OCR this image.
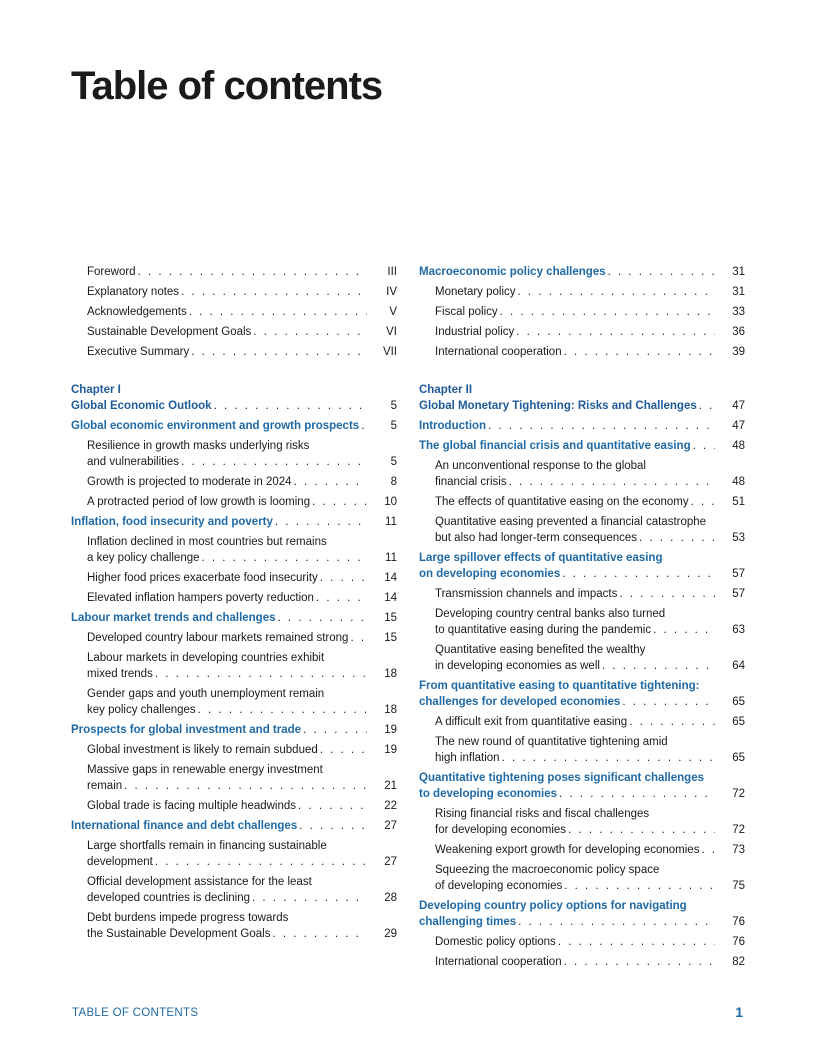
Table of contents
Foreword . . .	III
Explanatory notes . . .	IV
Acknowledgements . . .	V
Sustainable Development Goals . . .	VI
Executive Summary . . .	VII
Chapter I
Global Economic Outlook . . .	5
Global economic environment and growth prospects . . .	5
Resilience in growth masks underlying risks
and vulnerabilities . . .	5
Growth is projected to moderate in 2024 . . .	8
A protracted period of low growth is looming . . .	10
Inflation, food insecurity and poverty . . .	11
Inflation declined in most countries but remains
a key policy challenge . . .	11
Higher food prices exacerbate food insecurity . . .	14
Elevated inflation hampers poverty reduction . . .	14
Labour market trends and challenges . . .	15
Developed country labour markets remained strong . . .	15
Labour markets in developing countries exhibit
mixed trends . . .	18
Gender gaps and youth unemployment remain
key policy challenges . . .	18
Prospects for global investment and trade . . .	19
Global investment is likely to remain subdued . . .	19
Massive gaps in renewable energy investment
remain . . .	21
Global trade is facing multiple headwinds . . .	22
International finance and debt challenges . . .	27
Large shortfalls remain in financing sustainable
development . . .	27
Official development assistance for the least
developed countries is declining . . .	28
Debt burdens impede progress towards
the Sustainable Development Goals . . .	29
Macroeconomic policy challenges . . .	31
Monetary policy . . .	31
Fiscal policy . . .	33
Industrial policy . . .	36
International cooperation . . .	39
Chapter II
Global Monetary Tightening: Risks and Challenges . . .	47
Introduction . . .	47
The global financial crisis and quantitative easing . . .	48
An unconventional response to the global
financial crisis . . .	48
The effects of quantitative easing on the economy . . .	51
Quantitative easing prevented a financial catastrophe
but also had longer-term consequences . . .	53
Large spillover effects of quantitative easing
on developing economies . . .	57
Transmission channels and impacts . . .	57
Developing country central banks also turned
to quantitative easing during the pandemic . . .	63
Quantitative easing benefited the wealthy
in developing economies as well . . .	64
From quantitative easing to quantitative tightening:
challenges for developed economies . . .	65
A difficult exit from quantitative easing . . .	65
The new round of quantitative tightening amid
high inflation . . .	65
Quantitative tightening poses significant challenges
to developing economies . . .	72
Rising financial risks and fiscal challenges
for developing economies . . .	72
Weakening export growth for developing economies . . .	73
Squeezing the macroeconomic policy space
of developing economies . . .	75
Developing country policy options for navigating
challenging times . . .	76
Domestic policy options . . .	76
International cooperation . . .	82
TABLE OF CONTENTS	1
